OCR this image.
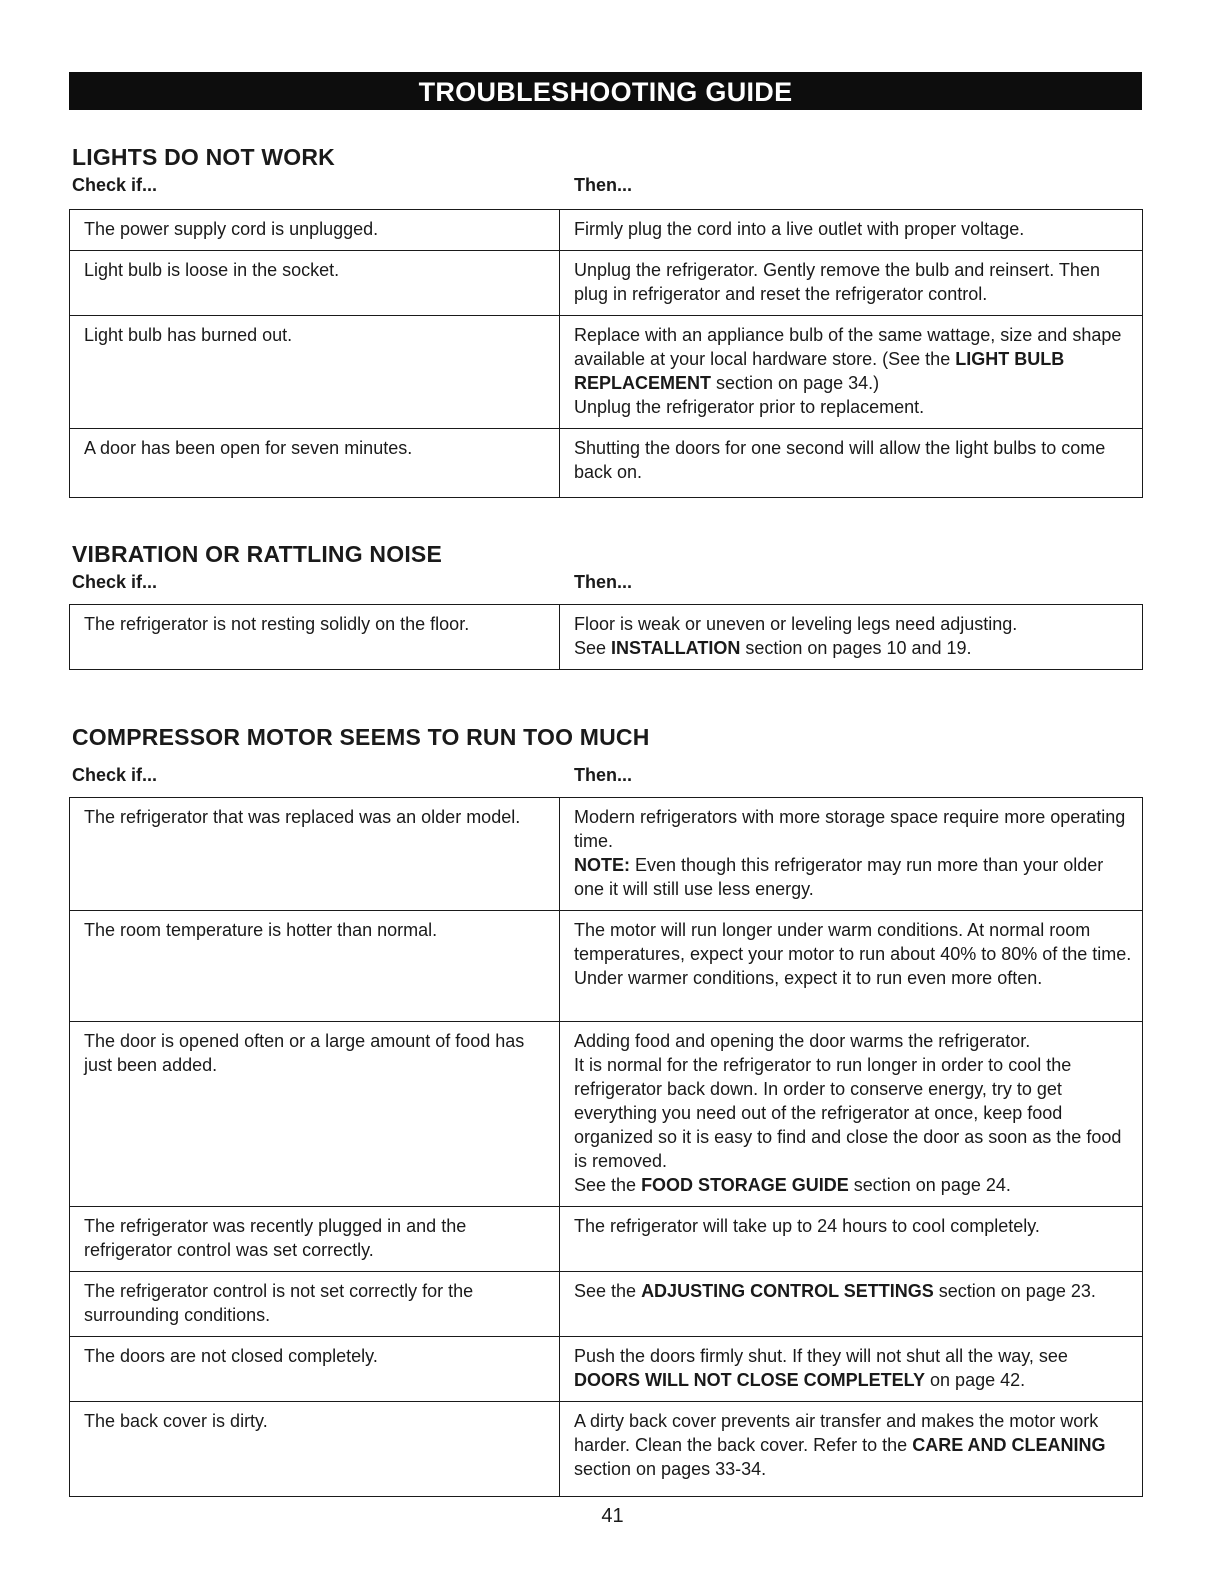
TROUBLESHOOTING GUIDE
LIGHTS DO NOT WORK
Check if...	Then...
The power supply cord is unplugged.	Firmly plug the cord into a live outlet with proper voltage.

Light bulb is loose in the socket.	Unplug the refrigerator. Gently remove the bulb and reinsert. Then plug in refrigerator and reset the refrigerator control.

Light bulb has burned out.	Replace with an appliance bulb of the same wattage, size and shape available at your local hardware store. (See the LIGHT BULB REPLACEMENT section on page 34.)
Unplug the refrigerator prior to replacement.

A door has been open for seven minutes.	Shutting the doors for one second will allow the light bulbs to come back on.
VIBRATION OR RATTLING NOISE
Check if...	Then...
The refrigerator is not resting solidly on the floor.	Floor is weak or uneven or leveling legs need adjusting.
See INSTALLATION section on pages 10 and 19.
COMPRESSOR MOTOR SEEMS TO RUN TOO MUCH
Check if...	Then...
The refrigerator that was replaced was an older model.	Modern refrigerators with more storage space require more operating time.
NOTE: Even though this refrigerator may run more than your older one it will still use less energy.

The room temperature is hotter than normal.	The motor will run longer under warm conditions. At normal room temperatures, expect your motor to run about 40% to 80% of the time. Under warmer conditions, expect it to run even more often.

The door is opened often or a large amount of food has just been added.	Adding food and opening the door warms the refrigerator.
It is normal for the refrigerator to run longer in order to cool the refrigerator back down. In order to conserve energy, try to get everything you need out of the refrigerator at once, keep food organized so it is easy to find and close the door as soon as the food is removed.
See the FOOD STORAGE GUIDE section on page 24.

The refrigerator was recently plugged in and the refrigerator control was set correctly.	The refrigerator will take up to 24 hours to cool completely.

The refrigerator control is not set correctly for the surrounding conditions.	See the ADJUSTING CONTROL SETTINGS section on page 23.

The doors are not closed completely.	Push the doors firmly shut. If they will not shut all the way, see DOORS WILL NOT CLOSE COMPLETELY on page 42.

The back cover is dirty.	A dirty back cover prevents air transfer and makes the motor work harder. Clean the back cover. Refer to the CARE AND CLEANING section on pages 33-34.
41
